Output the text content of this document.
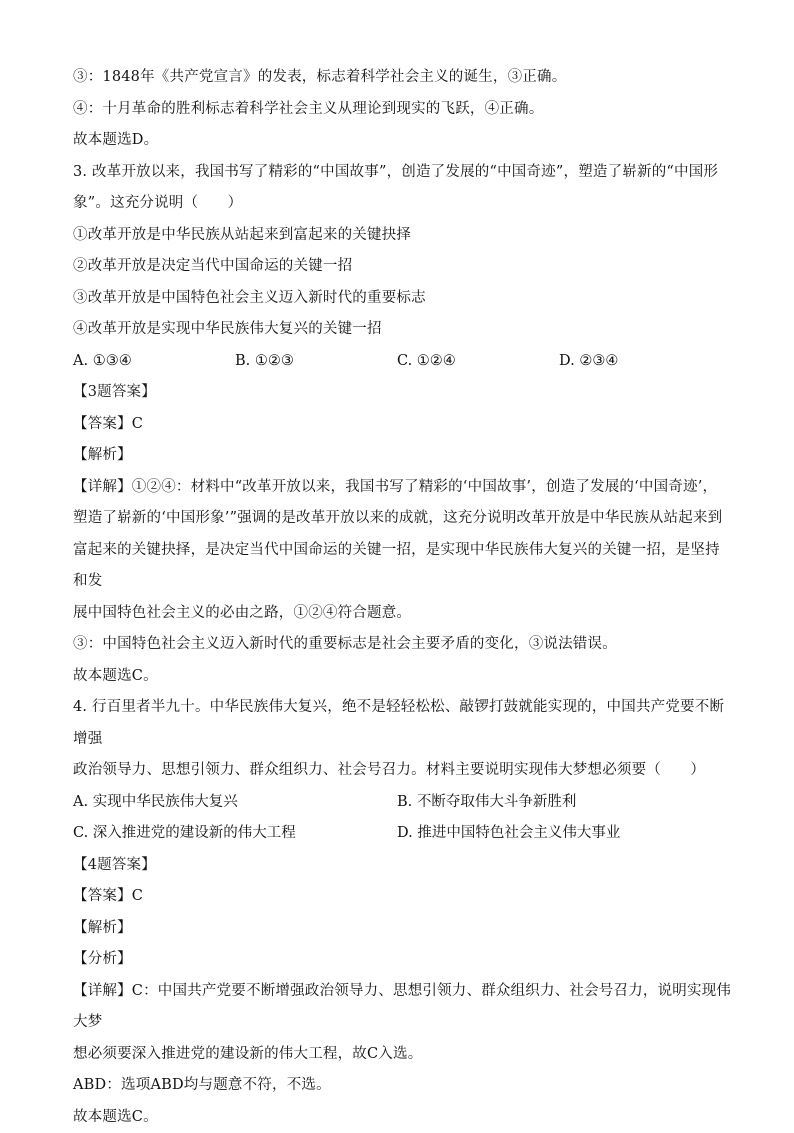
③：1848年《共产党宣言》的发表，标志着科学社会主义的诞生，③正确。

④：十月革命的胜利标志着科学社会主义从理论到现实的飞跃，④正确。

故本题选D。

3. 改革开放以来，我国书写了精彩的“中国故事”，创造了发展的“中国奇迹”，塑造了崭新的“中国形

象”。这充分说明（　　）

①改革开放是中华民族从站起来到富起来的关键抉择

②改革开放是决定当代中国命运的关键一招

③改革开放是中国特色社会主义迈入新时代的重要标志

④改革开放是实现中华民族伟大复兴的关键一招

A. ①③④	B. ①②③	C. ①②④	D. ②③④

【3题答案】

【答案】C

【解析】

【详解】①②④：材料中“改革开放以来，我国书写了精彩的‘中国故事’，创造了发展的‘中国奇迹’，

塑造了崭新的‘中国形象’”强调的是改革开放以来的成就，这充分说明改革开放是中华民族从站起来到

富起来的关键抉择，是决定当代中国命运的关键一招，是实现中华民族伟大复兴的关键一招，是坚持和发

展中国特色社会主义的必由之路，①②④符合题意。

③：中国特色社会主义迈入新时代的重要标志是社会主要矛盾的变化，③说法错误。

故本题选C。

4. 行百里者半九十。中华民族伟大复兴，绝不是轻轻松松、敲锣打鼓就能实现的，中国共产党要不断增强

政治领导力、思想引领力、群众组织力、社会号召力。材料主要说明实现伟大梦想必须要（　　）

A. 实现中华民族伟大复兴	B. 不断夺取伟大斗争新胜利
C. 深入推进党的建设新的伟大工程	D. 推进中国特色社会主义伟大事业

【4题答案】

【答案】C

【解析】

【分析】

【详解】C：中国共产党要不断增强政治领导力、思想引领力、群众组织力、社会号召力，说明实现伟大梦

想必须要深入推进党的建设新的伟大工程，故C入选。

ABD：选项ABD均与题意不符，不选。

故本题选C。
